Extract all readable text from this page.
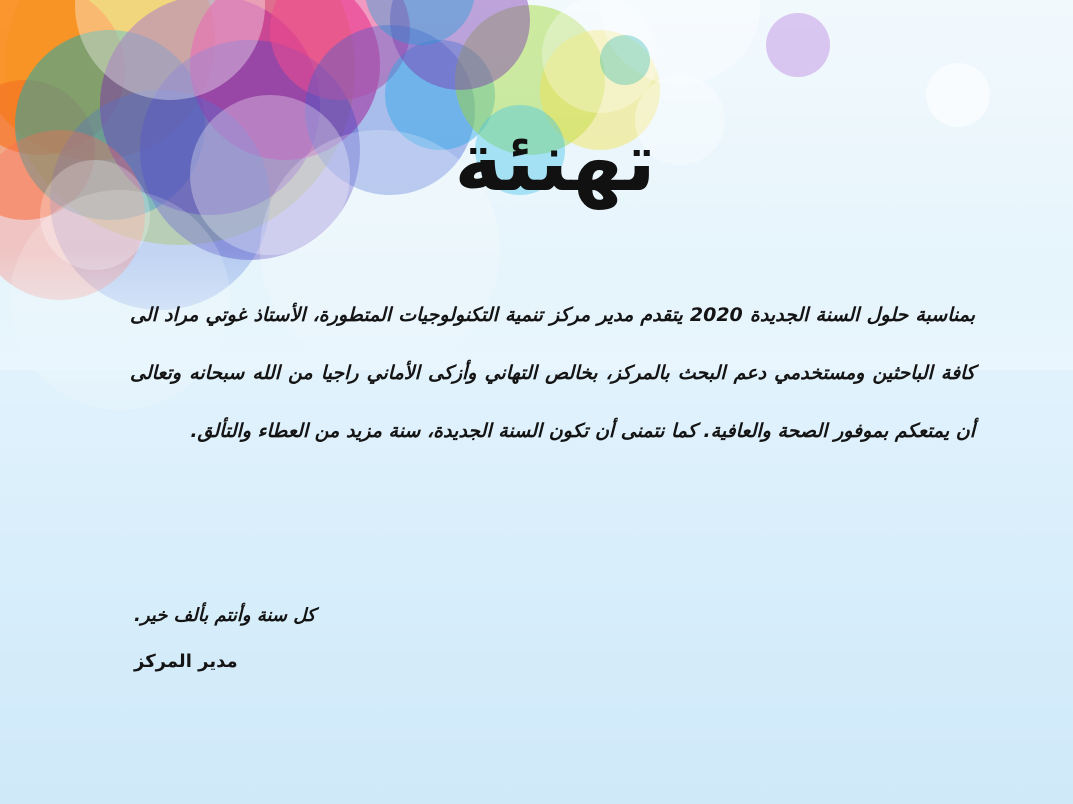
تهنئة

بمناسبة حلول السنة الجديدة 2020 يتقدم مدير مركز تنمية التكنولوجيات المتطورة، الأستاذ غوتي مراد الى كافة الباحثين ومستخدمي دعم البحث بالمركز، بخالص التهاني وأزكى الأماني راجيا من الله سبحانه وتعالى أن يمتعكم بموفور الصحة والعافية. كما نتمنى أن تكون السنة الجديدة، سنة مزيد من العطاء والتألق.

كل سنة وأنتم بألف خير.

مدير المركز
